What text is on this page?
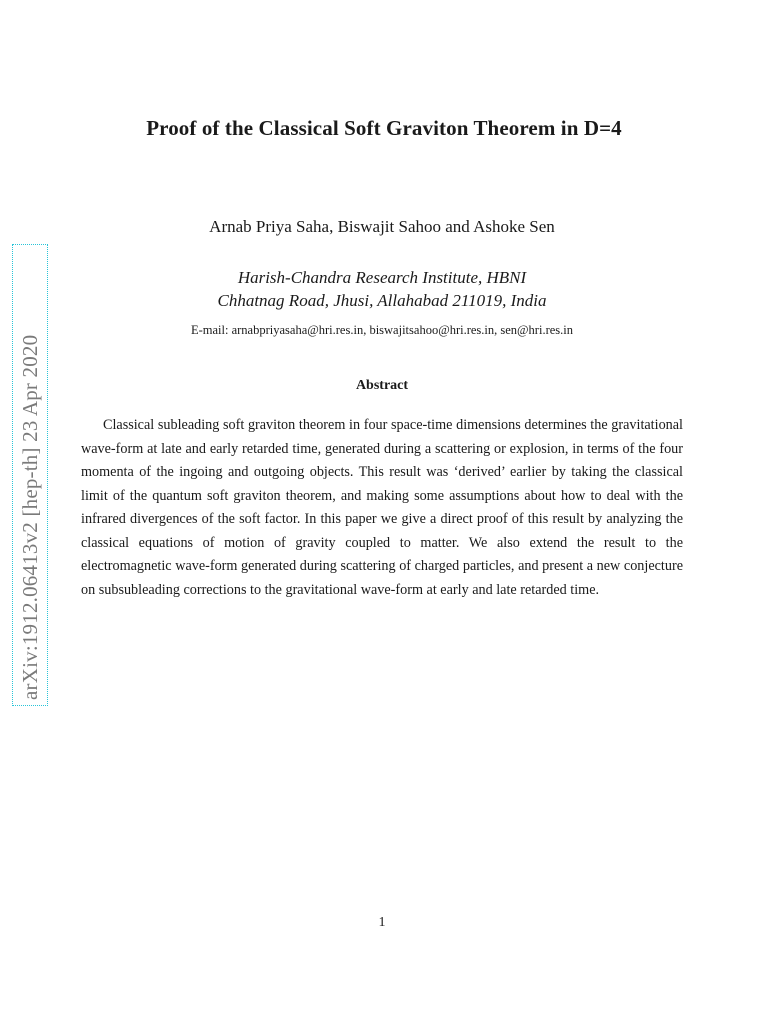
arXiv:1912.06413v2 [hep-th] 23 Apr 2020
Proof of the Classical Soft Graviton Theorem in D=4
Arnab Priya Saha, Biswajit Sahoo and Ashoke Sen
Harish-Chandra Research Institute, HBNI
Chhatnag Road, Jhusi, Allahabad 211019, India
E-mail: arnabpriyasaha@hri.res.in, biswajitsahoo@hri.res.in, sen@hri.res.in
Abstract
Classical subleading soft graviton theorem in four space-time dimensions determines the gravitational wave-form at late and early retarded time, generated during a scattering or explosion, in terms of the four momenta of the ingoing and outgoing objects. This result was ‘derived’ earlier by taking the classical limit of the quantum soft graviton theorem, and making some assumptions about how to deal with the infrared divergences of the soft factor. In this paper we give a direct proof of this result by analyzing the classical equations of motion of gravity coupled to matter. We also extend the result to the electromagnetic wave-form generated during scattering of charged particles, and present a new conjecture on subsubleading corrections to the gravitational wave-form at early and late retarded time.
1
